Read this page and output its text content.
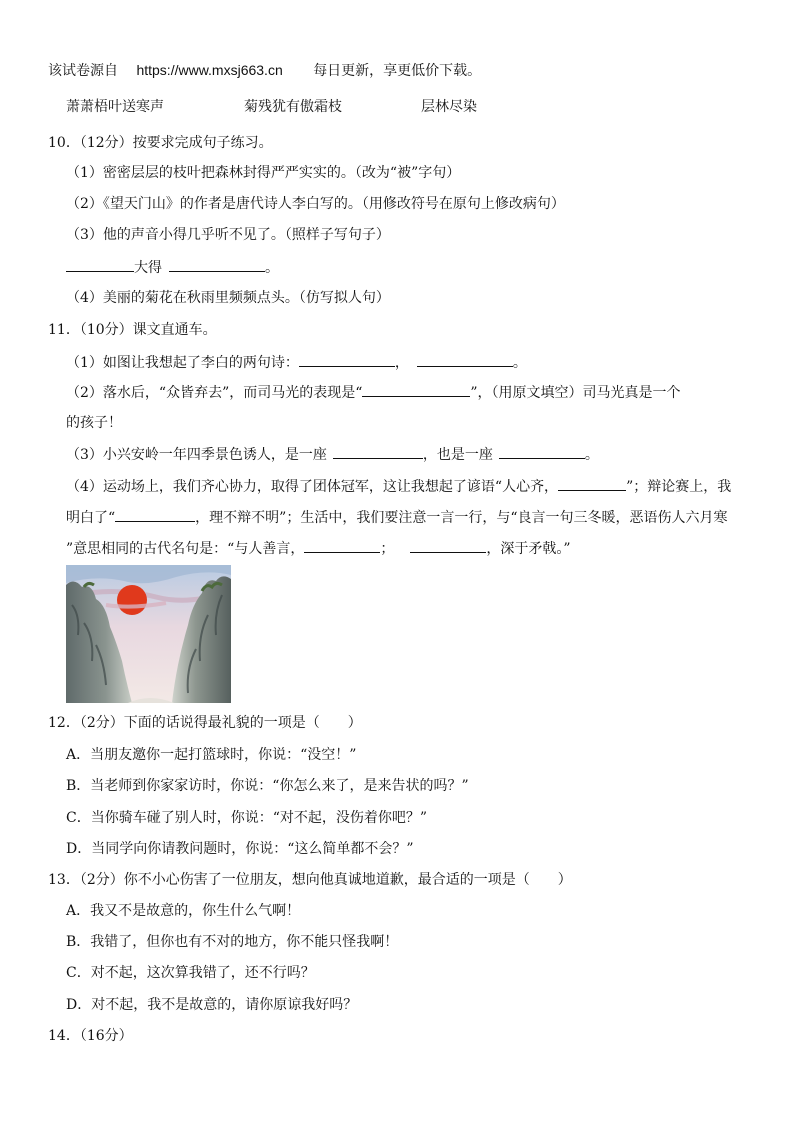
该试卷源自 https://www.mxsj663.cn 每日更新，享更低价下载。
萧萧梧叶送寒声	菊残犹有傲霜枝	层林尽染
10．（12分）按要求完成句子练习。
（1）密密层层的枝叶把森林封得严严实实的。（改为“被”字句）
（2）《望天门山》的作者是唐代诗人李白写的。（用修改符号在原句上修改病句）
（3）他的声音小得几乎听不见了。（照样子写句子）
大得	。
（4）美丽的菊花在秋雨里频频点头。（仿写拟人句）
11．（10分）课文直通车。
（1）如图让我想起了李白的两句诗：	，	。
（2）落水后，“众皆弃去”，而司马光的表现是“	”，（用原文填空）司马光真是一个
的孩子！
（3）小兴安岭一年四季景色诱人，是一座	，也是一座	。
（4）运动场上，我们齐心协力，取得了团体冠军，这让我想起了谚语“人心齐，	”；辩论赛上，我
明白了“	，理不辩不明”；生活中，我们要注意一言一行，与“良言一句三冬暖，恶语伤人六月寒
”意思相同的古代名句是：“与人善言，	；	，深于矛戟。”
12．（2分）下面的话说得最礼貌的一项是（　　）
A．当朋友邀你一起打篮球时，你说：“没空！”
B．当老师到你家家访时，你说：“你怎么来了，是来告状的吗？”
C．当你骑车碰了别人时，你说：“对不起，没伤着你吧？”
D．当同学向你请教问题时，你说：“这么简单都不会？”
13．（2分）你不小心伤害了一位朋友，想向他真诚地道歉，最合适的一项是（　　）
A．我又不是故意的，你生什么气啊！
B．我错了，但你也有不对的地方，你不能只怪我啊！
C．对不起，这次算我错了，还不行吗？
D．对不起，我不是故意的，请你原谅我好吗？
14．（16分）
